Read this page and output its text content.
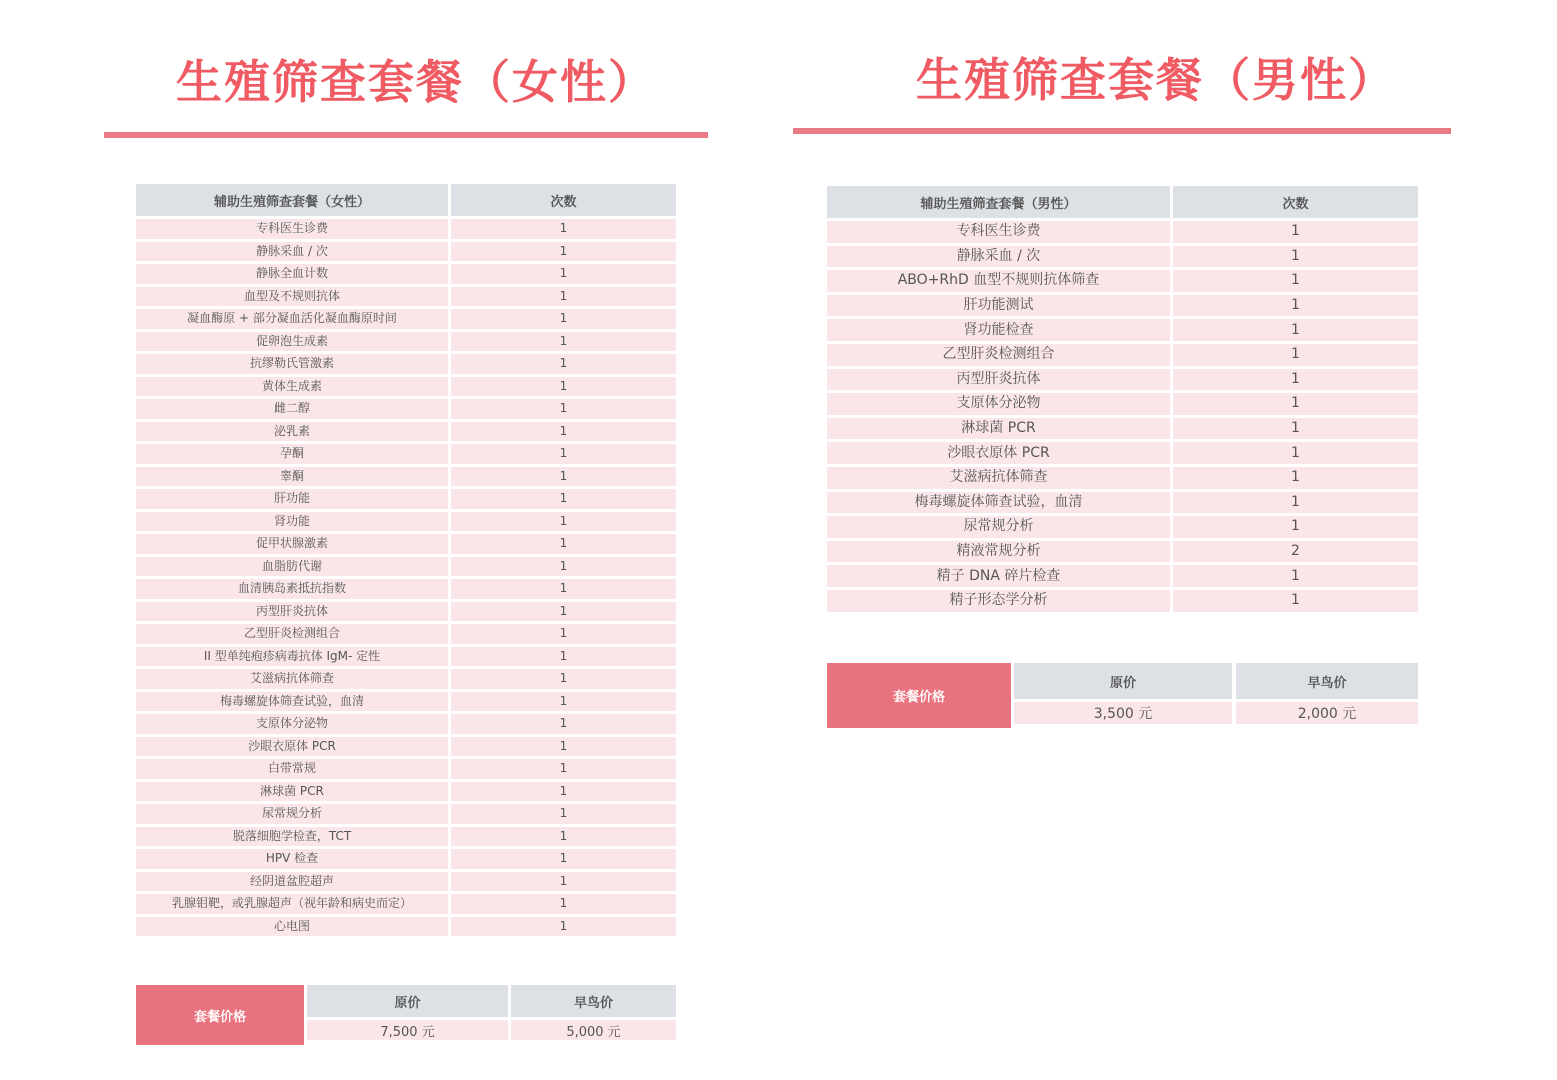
生殖筛查套餐（女性）
辅助生殖筛查套餐（女性）	次数
专科医生诊费	1
静脉采血 / 次	1
静脉全血计数	1
血型及不规则抗体	1
凝血酶原 + 部分凝血活化凝血酶原时间	1
促卵泡生成素	1
抗缪勒氏管激素	1
黄体生成素	1
雌二醇	1
泌乳素	1
孕酮	1
睾酮	1
肝功能	1
肾功能	1
促甲状腺激素	1
血脂肪代谢	1
血清胰岛素抵抗指数	1
丙型肝炎抗体	1
乙型肝炎检测组合	1
II 型单纯疱疹病毒抗体 IgM- 定性	1
艾滋病抗体筛查	1
梅毒螺旋体筛查试验，血清	1
支原体分泌物	1
沙眼衣原体 PCR	1
白带常规	1
淋球菌 PCR	1
尿常规分析	1
脱落细胞学检查，TCT	1
HPV 检查	1
经阴道盆腔超声	1
乳腺钼靶，或乳腺超声（视年龄和病史而定）	1
心电图	1
套餐价格
原价
7,500 元
早鸟价
5,000 元
生殖筛查套餐（男性）
辅助生殖筛查套餐（男性）	次数
专科医生诊费	1
静脉采血 / 次	1
ABO+RhD 血型不规则抗体筛查	1
肝功能测试	1
肾功能检查	1
乙型肝炎检测组合	1
丙型肝炎抗体	1
支原体分泌物	1
淋球菌 PCR	1
沙眼衣原体 PCR	1
艾滋病抗体筛查	1
梅毒螺旋体筛查试验，血清	1
尿常规分析	1
精液常规分析	2
精子 DNA 碎片检查	1
精子形态学分析	1
套餐价格
原价
3,500 元
早鸟价
2,000 元
